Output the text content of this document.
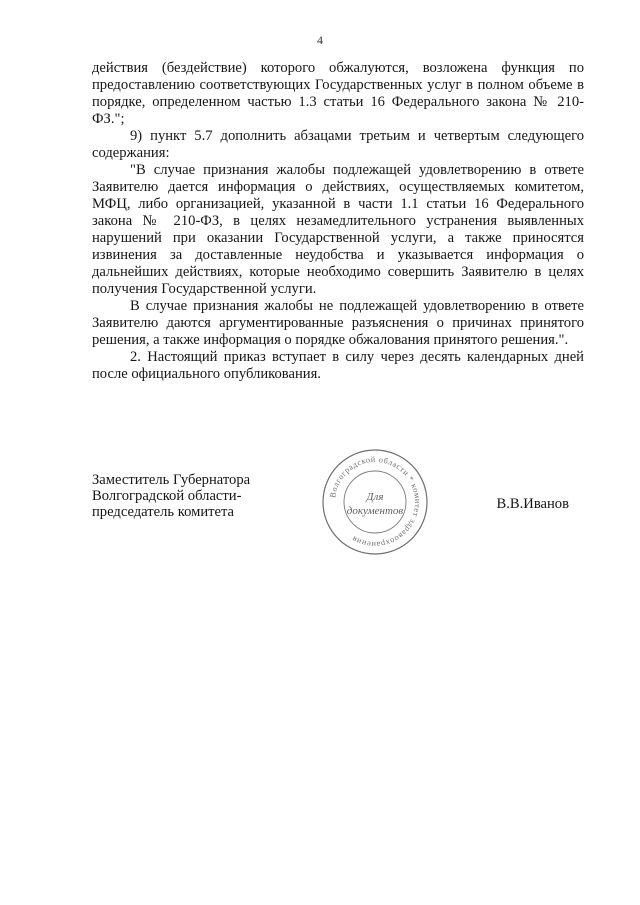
4

действия (бездействие) которого обжалуются, возложена функция по предоставлению соответствующих Государственных услуг в полном объеме в порядке, определенном частью 1.3 статьи 16 Федерального закона № 210-ФЗ.";

9) пункт 5.7 дополнить абзацами третьим и четвертым следующего содержания:

"В случае признания жалобы подлежащей удовлетворению в ответе Заявителю дается информация о действиях, осуществляемых комитетом, МФЦ, либо организацией, указанной в части 1.1 статьи 16 Федерального закона № 210-ФЗ, в целях незамедлительного устранения выявленных нарушений при оказании Государственной услуги, а также приносятся извинения за доставленные неудобства и указывается информация о дальнейших действиях, которые необходимо совершить Заявителю в целях получения Государственной услуги.

В случае признания жалобы не подлежащей удовлетворению в ответе Заявителю даются аргументированные разъяснения о причинах принятого решения, а также информация о порядке обжалования принятого решения.".

2. Настоящий приказ вступает в силу через десять календарных дней после официального опубликования.

Заместитель Губернатора
Волгоградской области-
председатель комитета
Волгоградской области * комитет здравоохранения
Для
документов	В.В.Иванов
